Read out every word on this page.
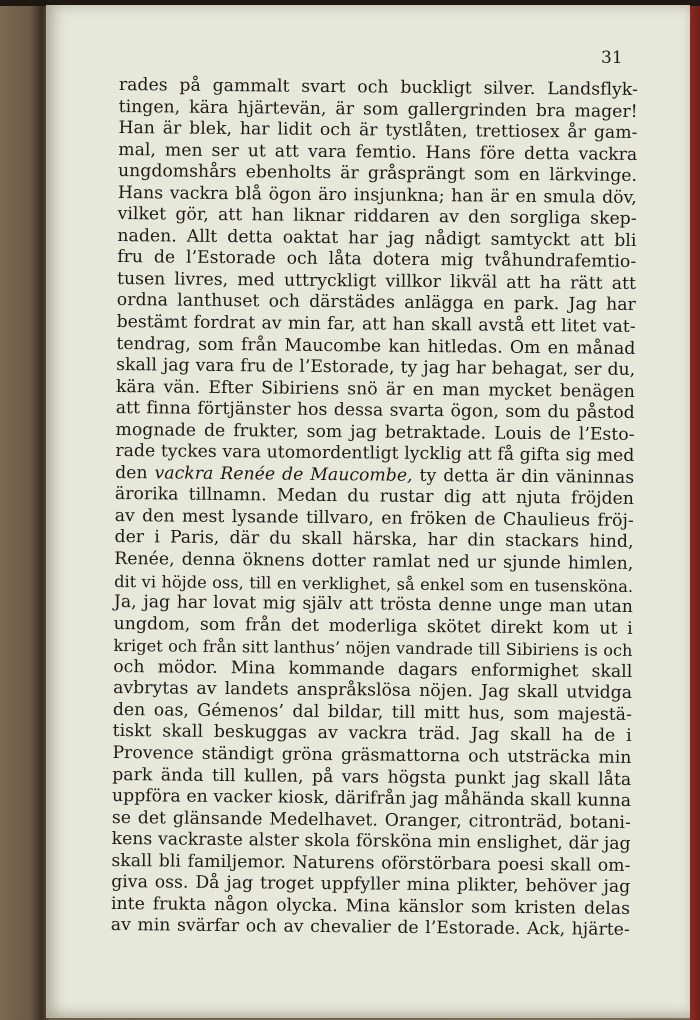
31
rades på gammalt svart och buckligt silver. Landsflyk-
tingen, kära hjärtevän, är som gallergrinden bra mager!
Han är blek, har lidit och är tystlåten, trettiosex år gam-
mal, men ser ut att vara femtio. Hans före detta vackra
ungdomshårs ebenholts är gråsprängt som en lärkvinge.
Hans vackra blå ögon äro insjunkna; han är en smula döv,
vilket gör, att han liknar riddaren av den sorgliga skep-
naden. Allt detta oaktat har jag nådigt samtyckt att bli
fru de l’Estorade och låta dotera mig tvåhundrafemtio-
tusen livres, med uttryckligt villkor likväl att ha rätt att
ordna lanthuset och därstädes anlägga en park. Jag har
bestämt fordrat av min far, att han skall avstå ett litet vat-
tendrag, som från Maucombe kan hitledas. Om en månad
skall jag vara fru de l’Estorade, ty jag har behagat, ser du,
kära vän. Efter Sibiriens snö är en man mycket benägen
att finna förtjänster hos dessa svarta ögon, som du påstod
mognade de frukter, som jag betraktade. Louis de l’Esto-
rade tyckes vara utomordentligt lycklig att få gifta sig med
den vackra Renée de Maucombe, ty detta är din väninnas
ärorika tillnamn. Medan du rustar dig att njuta fröjden
av den mest lysande tillvaro, en fröken de Chaulieus fröj-
der i Paris, där du skall härska, har din stackars hind,
Renée, denna öknens dotter ramlat ned ur sjunde himlen,
dit vi höjde oss, till en verklighet, så enkel som en tusensköna.
Ja, jag har lovat mig själv att trösta denne unge man utan
ungdom, som från det moderliga skötet direkt kom ut i
kriget och från sitt lanthus’ nöjen vandrade till Sibiriens is och
och mödor. Mina kommande dagars enformighet skall
avbrytas av landets anspråkslösa nöjen. Jag skall utvidga
den oas, Gémenos’ dal bildar, till mitt hus, som majestä-
tiskt skall beskuggas av vackra träd. Jag skall ha de i
Provence ständigt gröna gräsmattorna och utsträcka min
park ända till kullen, på vars högsta punkt jag skall låta
uppföra en vacker kiosk, därifrån jag måhända skall kunna
se det glänsande Medelhavet. Oranger, citronträd, botani-
kens vackraste alster skola försköna min enslighet, där jag
skall bli familjemor. Naturens oförstörbara poesi skall om-
giva oss. Då jag troget uppfyller mina plikter, behöver jag
inte frukta någon olycka. Mina känslor som kristen delas
av min svärfar och av chevalier de l’Estorade. Ack, hjärte-
